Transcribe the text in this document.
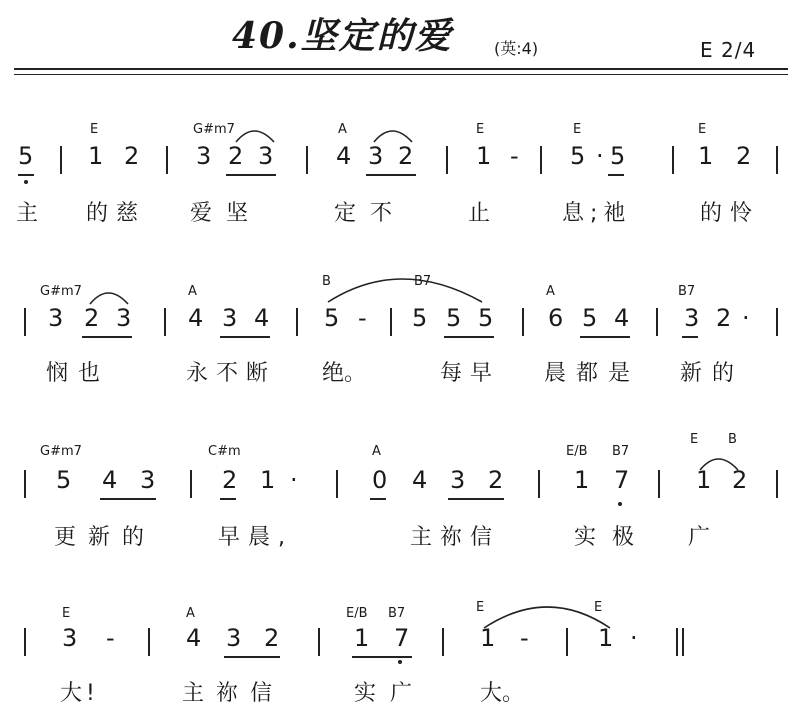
40.坚定的爱	(英:4)	E 2/4
E	G#m7	A	E	E	E
5 1 2 3 2 3	4 3 2	1 - 5 · 5	1 2
主 的慈 爱坚	定不	止	息;祂	的怜
G#m7	A
B	B7
A	B7
3 2 3 4 3 4 5 - 5 5 5 6 5 4 3 2 ·
悯也	永不断 绝。	每早 晨都是 新的
G#m7	C#m	A	E/B B7
E B
5 4 3	2 1 ·	0 4 3 2	1 7	1 2
更新的	早晨,	主祢信	实极 广
E	A	E/B B7	E	E
3 -	4 3 2	1 7	1 -	1 ·
大!	主祢信	实广 大。
